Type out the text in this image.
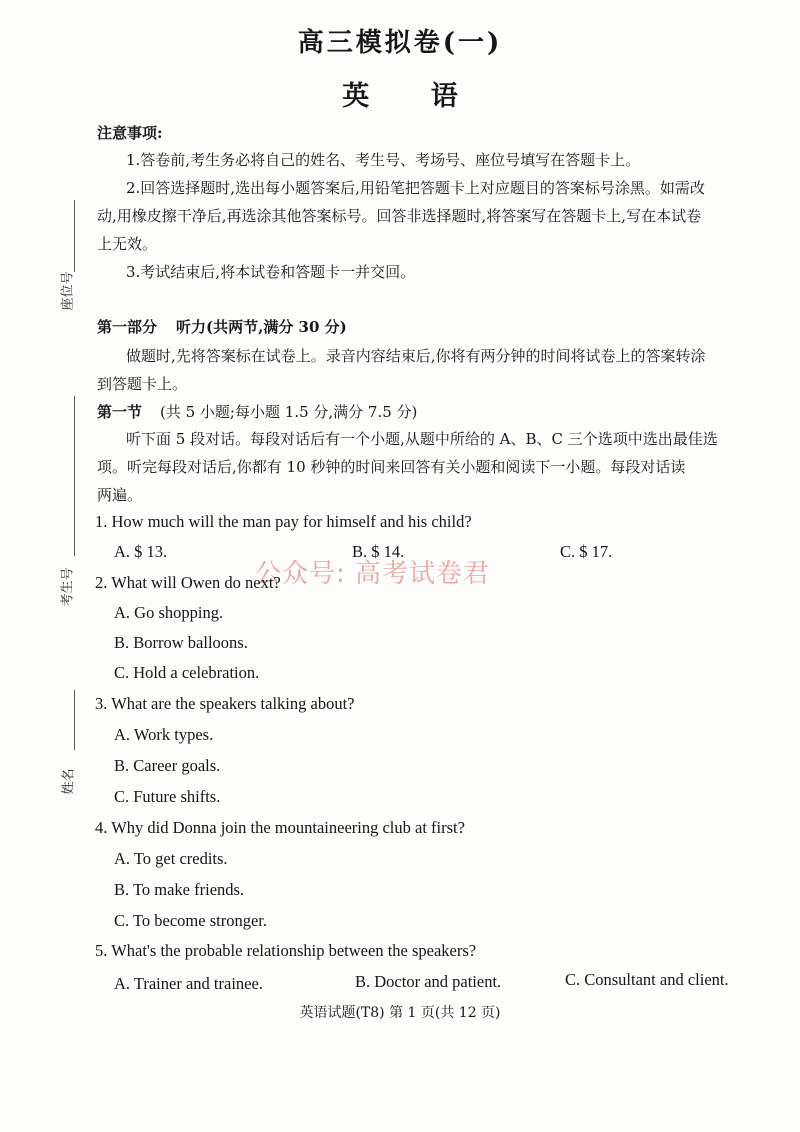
高三模拟卷(一)
英 语
注意事项:
1.答卷前,考生务必将自己的姓名、考生号、考场号、座位号填写在答题卡上。
2.回答选择题时,选出每小题答案后,用铅笔把答题卡上对应题目的答案标号涂黑。如需改
动,用橡皮擦干净后,再选涂其他答案标号。回答非选择题时,将答案写在答题卡上,写在本试卷
上无效。
3.考试结束后,将本试卷和答题卡一并交回。
座位号
考生号
姓名
第一部分 听力(共两节,满分 30 分)
做题时,先将答案标在试卷上。录音内容结束后,你将有两分钟的时间将试卷上的答案转涂
到答题卡上。
第一节 (共 5 小题;每小题 1.5 分,满分 7.5 分)
听下面 5 段对话。每段对话后有一个小题,从题中所给的 A、B、C 三个选项中选出最佳选
项。听完每段对话后,你都有 10 秒钟的时间来回答有关小题和阅读下一小题。每段对话读
两遍。
1. How much will the man pay for himself and his child?
A. $ 13.	B. $ 14.	C. $ 17.
公众号: 高考试卷君
2. What will Owen do next?
A. Go shopping.
B. Borrow balloons.
C. Hold a celebration.
3. What are the speakers talking about?
A. Work types.
B. Career goals.
C. Future shifts.
4. Why did Donna join the mountaineering club at first?
A. To get credits.
B. To make friends.
C. To become stronger.
5. What's the probable relationship between the speakers?
A. Trainer and trainee.	B. Doctor and patient.	C. Consultant and client.
英语试题(T8) 第 1 页(共 12 页)
